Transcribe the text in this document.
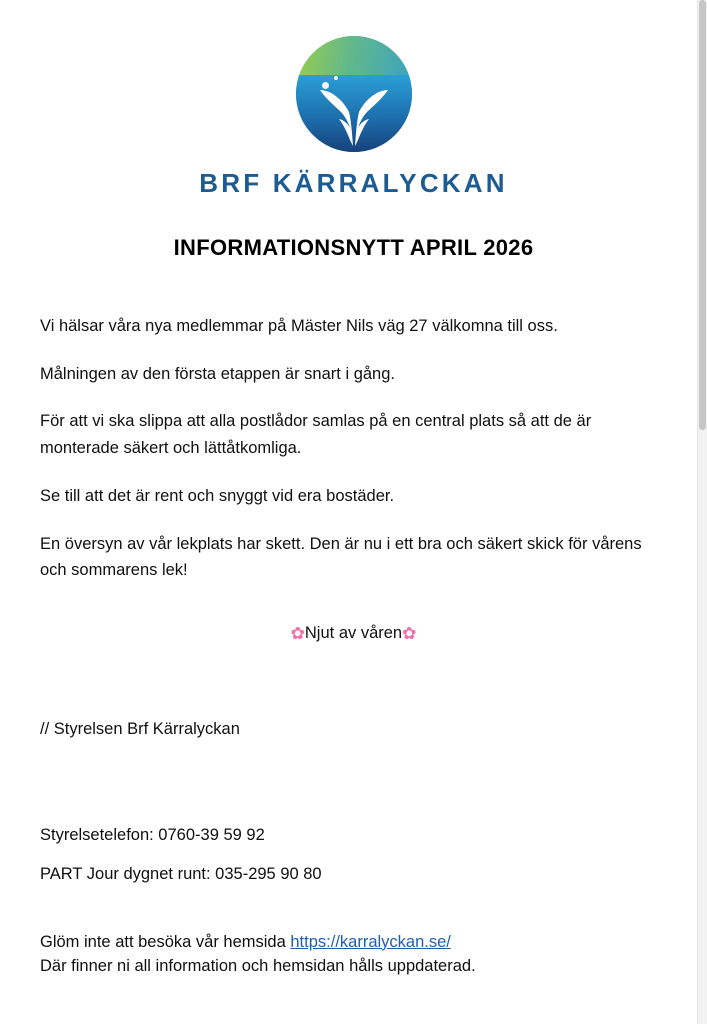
BRF KÄRRALYCKAN
INFORMATIONSNYTT APRIL 2026

Vi hälsar våra nya medlemmar på Mäster Nils väg 27 välkomna till oss.

Målningen av den första etappen är snart i gång.

För att vi ska slippa att alla postlådor samlas på en central plats så att de är monterade säkert och lättåtkomliga.

Se till att det är rent och snyggt vid era bostäder.

En översyn av vår lekplats har skett. Den är nu i ett bra och säkert skick för vårens och sommarens lek!

✿Njut av våren✿
// Styrelsen Brf Kärralyckan
Styrelsetelefon: 0760-39 59 92
PART Jour dygnet runt: 035-295 90 80
Glöm inte att besöka vår hemsida https://karralyckan.se/
Där finner ni all information och hemsidan hålls uppdaterad.
